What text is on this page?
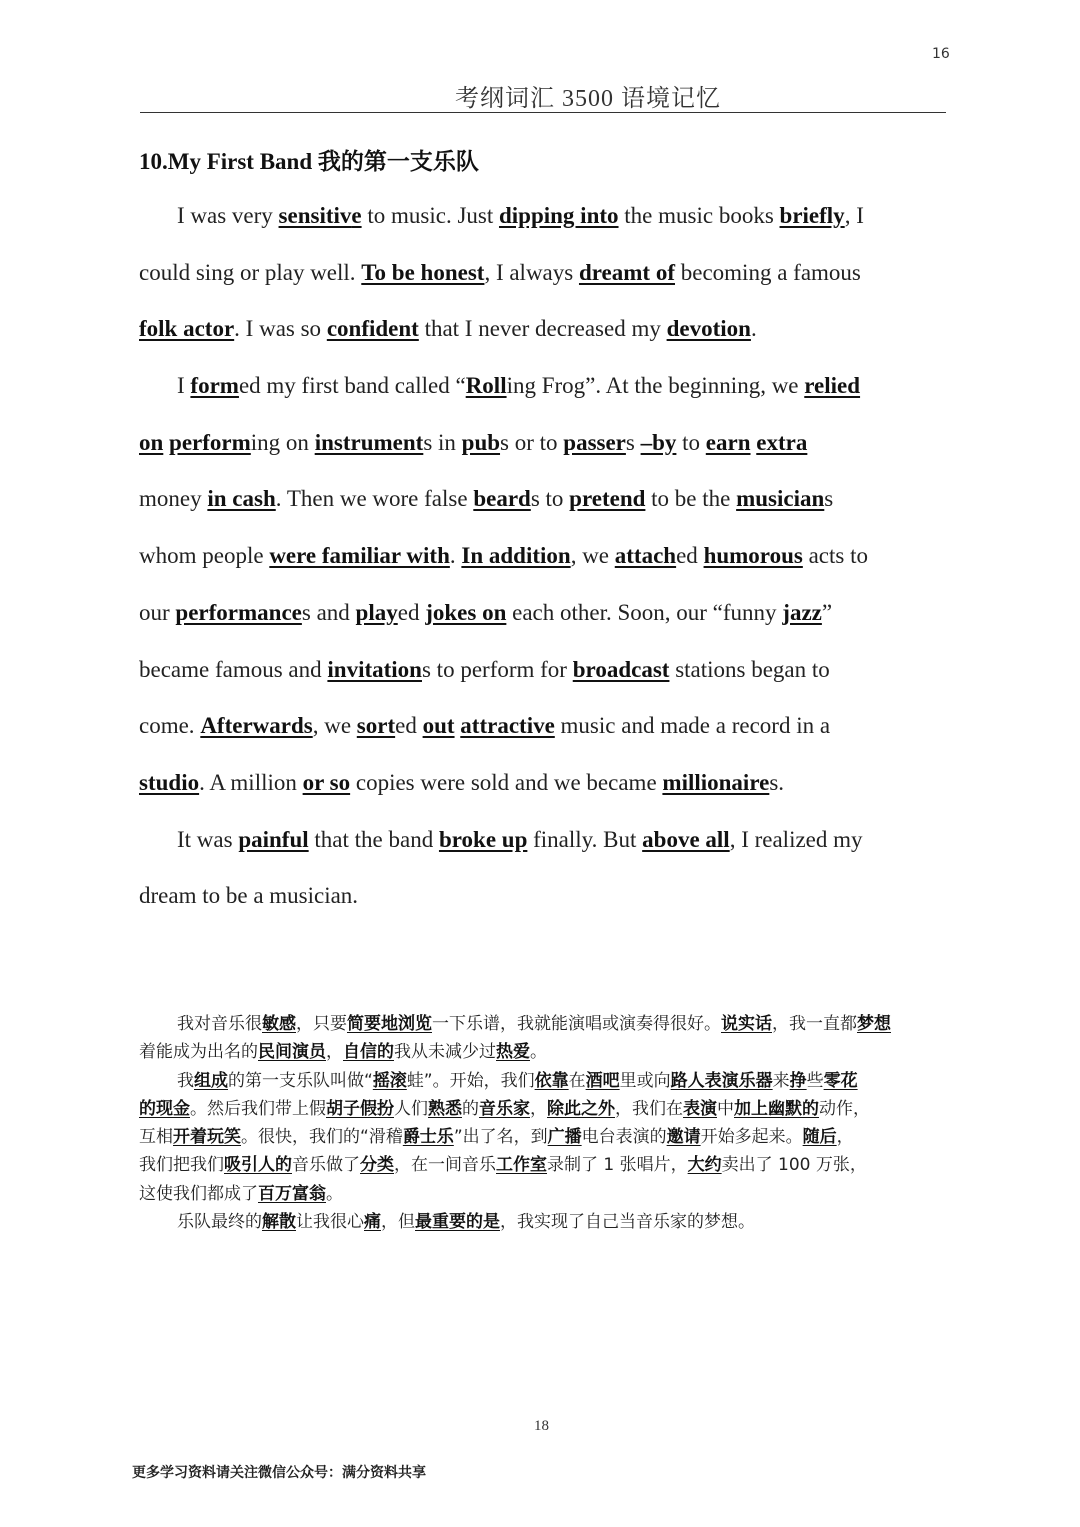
16
考纲词汇 3500 语境记忆
10.My First Band 我的第一支乐队
I was very sensitive to music. Just dipping into the music books briefly, I
could sing or play well. To be honest, I always dreamt of becoming a famous
folk actor. I was so confident that I never decreased my devotion.
I formed my first band called “Rolling Frog”. At the beginning, we relied
on performing on instruments in pubs or to passers –by to earn extra
money in cash. Then we wore false beards to pretend to be the musicians
whom people were familiar with. In addition, we attached humorous acts to
our performances and played jokes on each other. Soon, our “funny jazz”
became famous and invitations to perform for broadcast stations began to
come. Afterwards, we sorted out attractive music and made a record in a
studio. A million or so copies were sold and we became millionaires.
It was painful that the band broke up finally. But above all, I realized my
dream to be a musician.
我对音乐很敏感，只要简要地浏览一下乐谱，我就能演唱或演奏得很好。说实话，我一直都梦想
着能成为出名的民间演员，自信的我从未减少过热爱。
我组成的第一支乐队叫做“摇滚蛙”。开始，我们依靠在酒吧里或向路人表演乐器来挣些零花
的现金。然后我们带上假胡子假扮人们熟悉的音乐家，除此之外，我们在表演中加上幽默的动作，
互相开着玩笑。很快，我们的“滑稽爵士乐”出了名，到广播电台表演的邀请开始多起来。随后，
我们把我们吸引人的音乐做了分类，在一间音乐工作室录制了 1 张唱片，大约卖出了 100 万张，
这使我们都成了百万富翁。
乐队最终的解散让我很心痛，但最重要的是，我实现了自己当音乐家的梦想。
18
更多学习资料请关注微信公众号：满分资料共享
